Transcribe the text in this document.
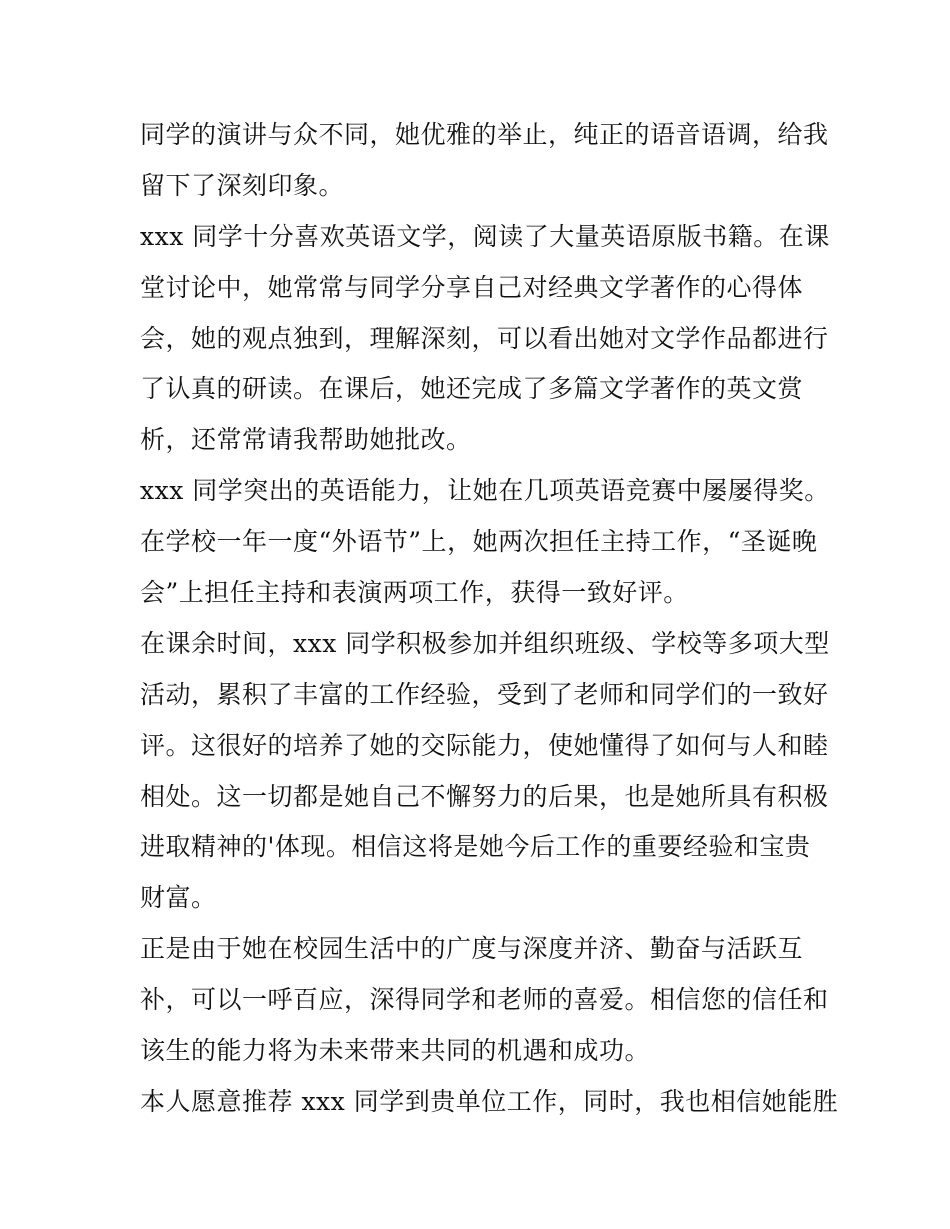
同学的演讲与众不同，她优雅的举止，纯正的语音语调，给我
留下了深刻印象。
xxx 同学十分喜欢英语文学，阅读了大量英语原版书籍。在课
堂讨论中，她常常与同学分享自己对经典文学著作的心得体
会，她的观点独到，理解深刻，可以看出她对文学作品都进行
了认真的研读。在课后，她还完成了多篇文学著作的英文赏
析，还常常请我帮助她批改。
xxx 同学突出的英语能力，让她在几项英语竞赛中屡屡得奖。
在学校一年一度“外语节”上，她两次担任主持工作，“圣诞晚
会”上担任主持和表演两项工作，获得一致好评。
在课余时间，xxx 同学积极参加并组织班级、学校等多项大型
活动，累积了丰富的工作经验，受到了老师和同学们的一致好
评。这很好的培养了她的交际能力，使她懂得了如何与人和睦
相处。这一切都是她自己不懈努力的后果，也是她所具有积极
进取精神的'体现。相信这将是她今后工作的重要经验和宝贵
财富。
正是由于她在校园生活中的广度与深度并济、勤奋与活跃互
补，可以一呼百应，深得同学和老师的喜爱。相信您的信任和
该生的能力将为未来带来共同的机遇和成功。
本人愿意推荐 xxx 同学到贵单位工作，同时，我也相信她能胜
